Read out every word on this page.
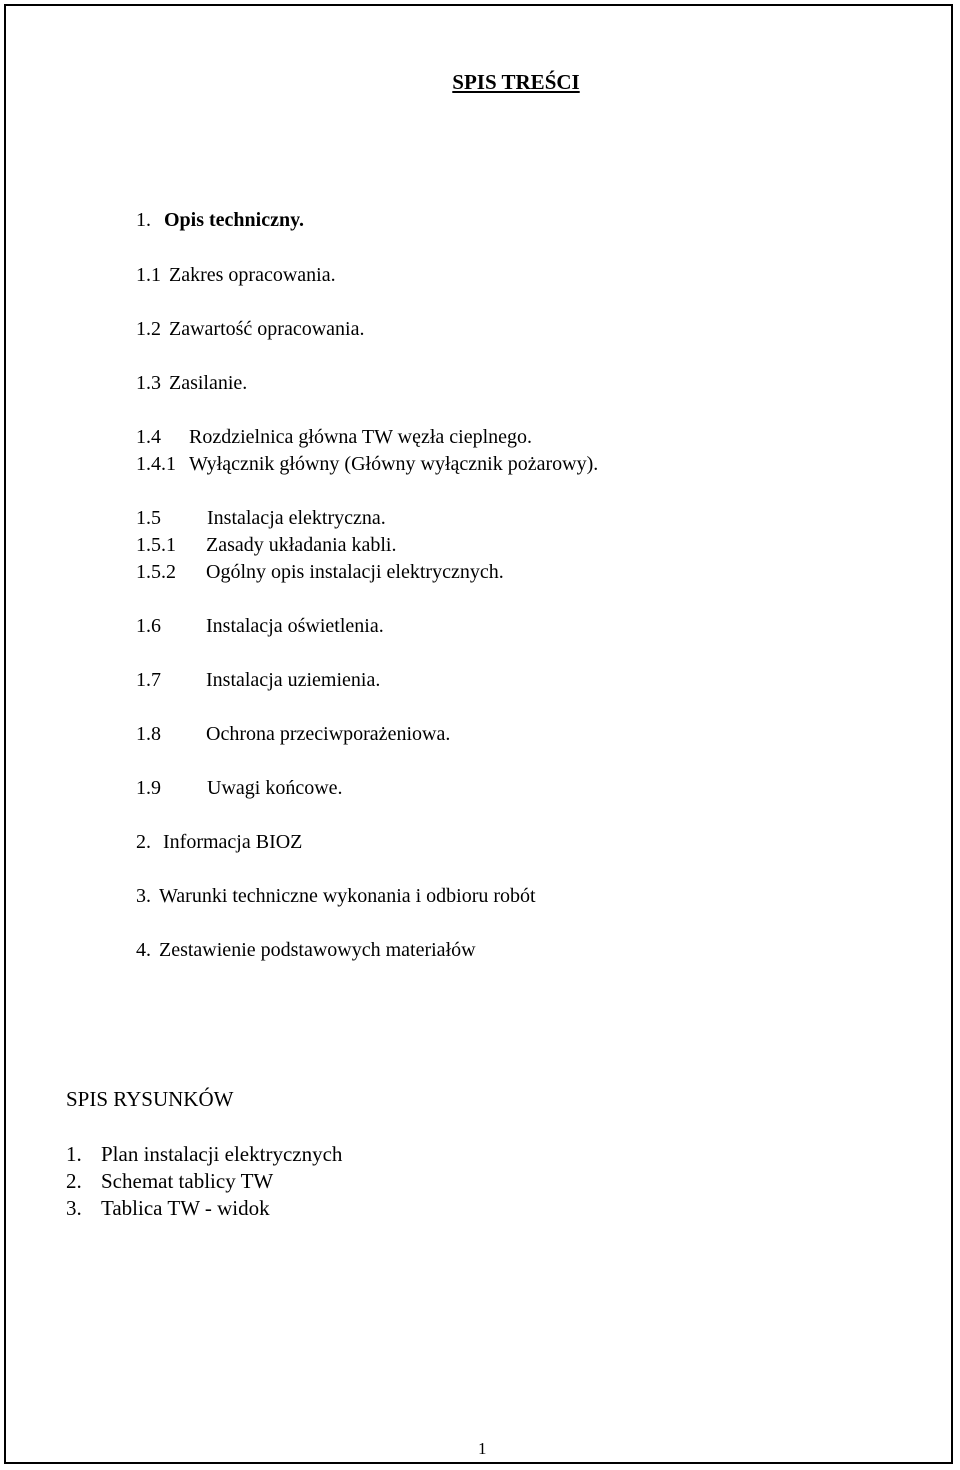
SPIS TREŚCI
1. Opis techniczny.
1.1 Zakres opracowania.
1.2 Zawartość opracowania.
1.3 Zasilanie.
1.4 Rozdzielnica główna TW węzła cieplnego.
1.4.1 Wyłącznik główny (Główny wyłącznik pożarowy).
1.5 Instalacja elektryczna.
1.5.1 Zasady układania kabli.
1.5.2 Ogólny opis instalacji elektrycznych.
1.6 Instalacja oświetlenia.
1.7 Instalacja uziemienia.
1.8 Ochrona przeciwporażeniowa.
1.9 Uwagi końcowe.
2. Informacja BIOZ
3. Warunki techniczne wykonania i odbioru robót
4. Zestawienie podstawowych materiałów
SPIS RYSUNKÓW
1. Plan instalacji elektrycznych
2. Schemat tablicy TW
3. Tablica TW - widok
1
